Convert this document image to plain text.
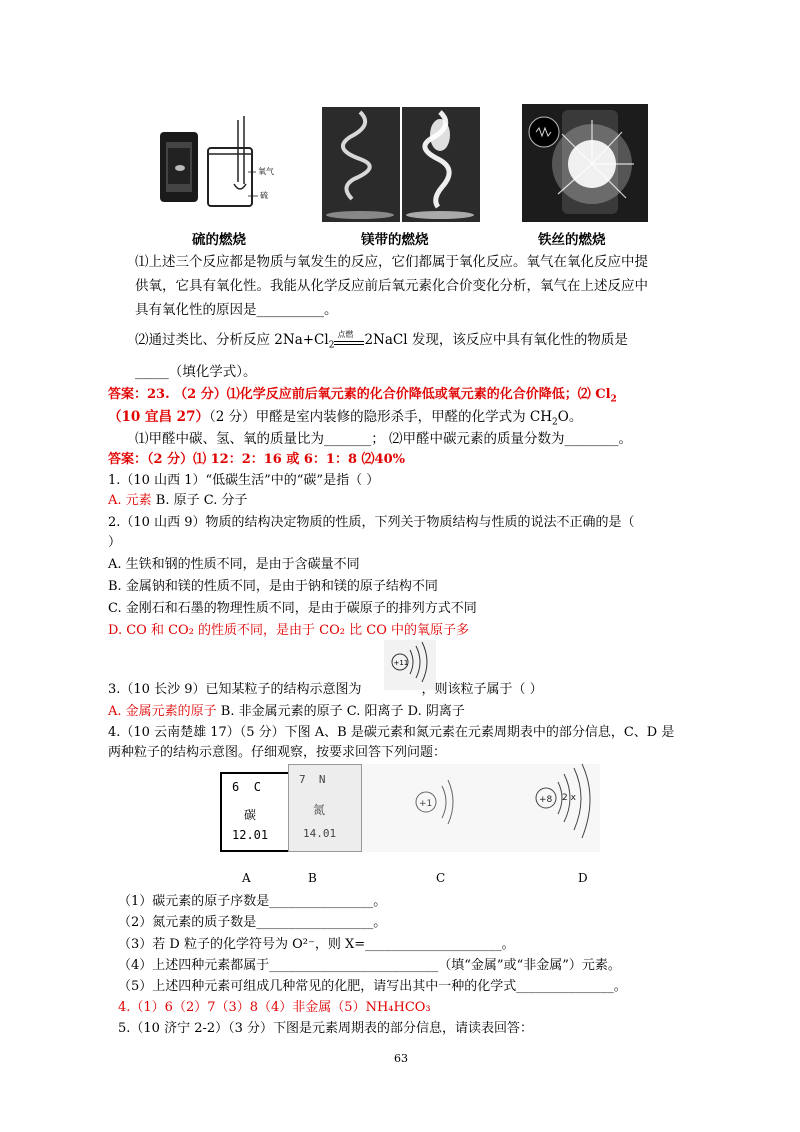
氧气
硫
硫的燃烧	镁带的燃烧	铁丝的燃烧
⑴上述三个反应都是物质与氧发生的反应，它们都属于氧化反应。氧气在氧化反应中提
供氧，它具有氧化性。我能从化学反应前后氧元素化合价变化分析，氧气在上述反应中
具有氧化性的原因是__________。
⑵通过类比、分析反应 $2Na+Cl_2$
点燃 2NaCl 发现，该反应中具有氧化性的物质是
_____（填化学式）。
答案：23. （2 分）⑴化学反应前后氧元素的化合价降低或氧元素的化合价降低；⑵ $Cl_2$
（10 宜昌 27）（2 分）甲醛是室内装修的隐形杀手，甲醛的化学式为 $CH_2O$。
⑴甲醛中碳、氢、氧的质量比为_______； ⑵甲醛中碳元素的质量分数为________。
答案：（2 分）⑴ 12：2：16 或 6：1：8 ⑵40%
1.（10 山西 1）“低碳生活”中的“碳”是指（ ）
A. 元素 B. 原子 C. 分子
2.（10 山西 9）物质的结构决定物质的性质，下列关于物质结构与性质的说法不正确的是（
）
A. 生铁和钢的性质不同，是由于含碳量不同
B. 金属钠和镁的性质不同，是由于钠和镁的原子结构不同
C. 金刚石和石墨的物理性质不同，是由于碳原子的排列方式不同
D. CO 和 CO₂ 的性质不同，是由于 CO₂ 比 CO 中的氧原子多
+11
3.（10 长沙 9）已知某粒子的结构示意图为	，则该粒子属于（ ）
A. 金属元素的原子 B. 非金属元素的原子 C. 阳离子 D. 阴离子
4.（10 云南楚雄 17）（5 分）下图 A、B 是碳元素和氮元素在元素周期表中的部分信息，C、D 是
两种粒子的结构示意图。仔细观察，按要求回答下列问题：
6 C
碳
12.01
7 N
氮
14.01
+1	+8 2 x
A	B	C	D
（1）碳元素的原子序数是________________。
（2）氮元素的质子数是__________________。
（3）若 D 粒子的化学符号为 O²⁻，则 X=_____________________。
（4）上述四种元素都属于__________________________（填“金属”或“非金属”）元素。
（5）上述四种元素可组成几种常见的化肥，请写出其中一种的化学式_______________。
4.（1）6（2）7（3）8（4）非金属（5）NH₄HCO₃
5.（10 济宁 2-2）（3 分）下图是元素周期表的部分信息，请读表回答：
63
